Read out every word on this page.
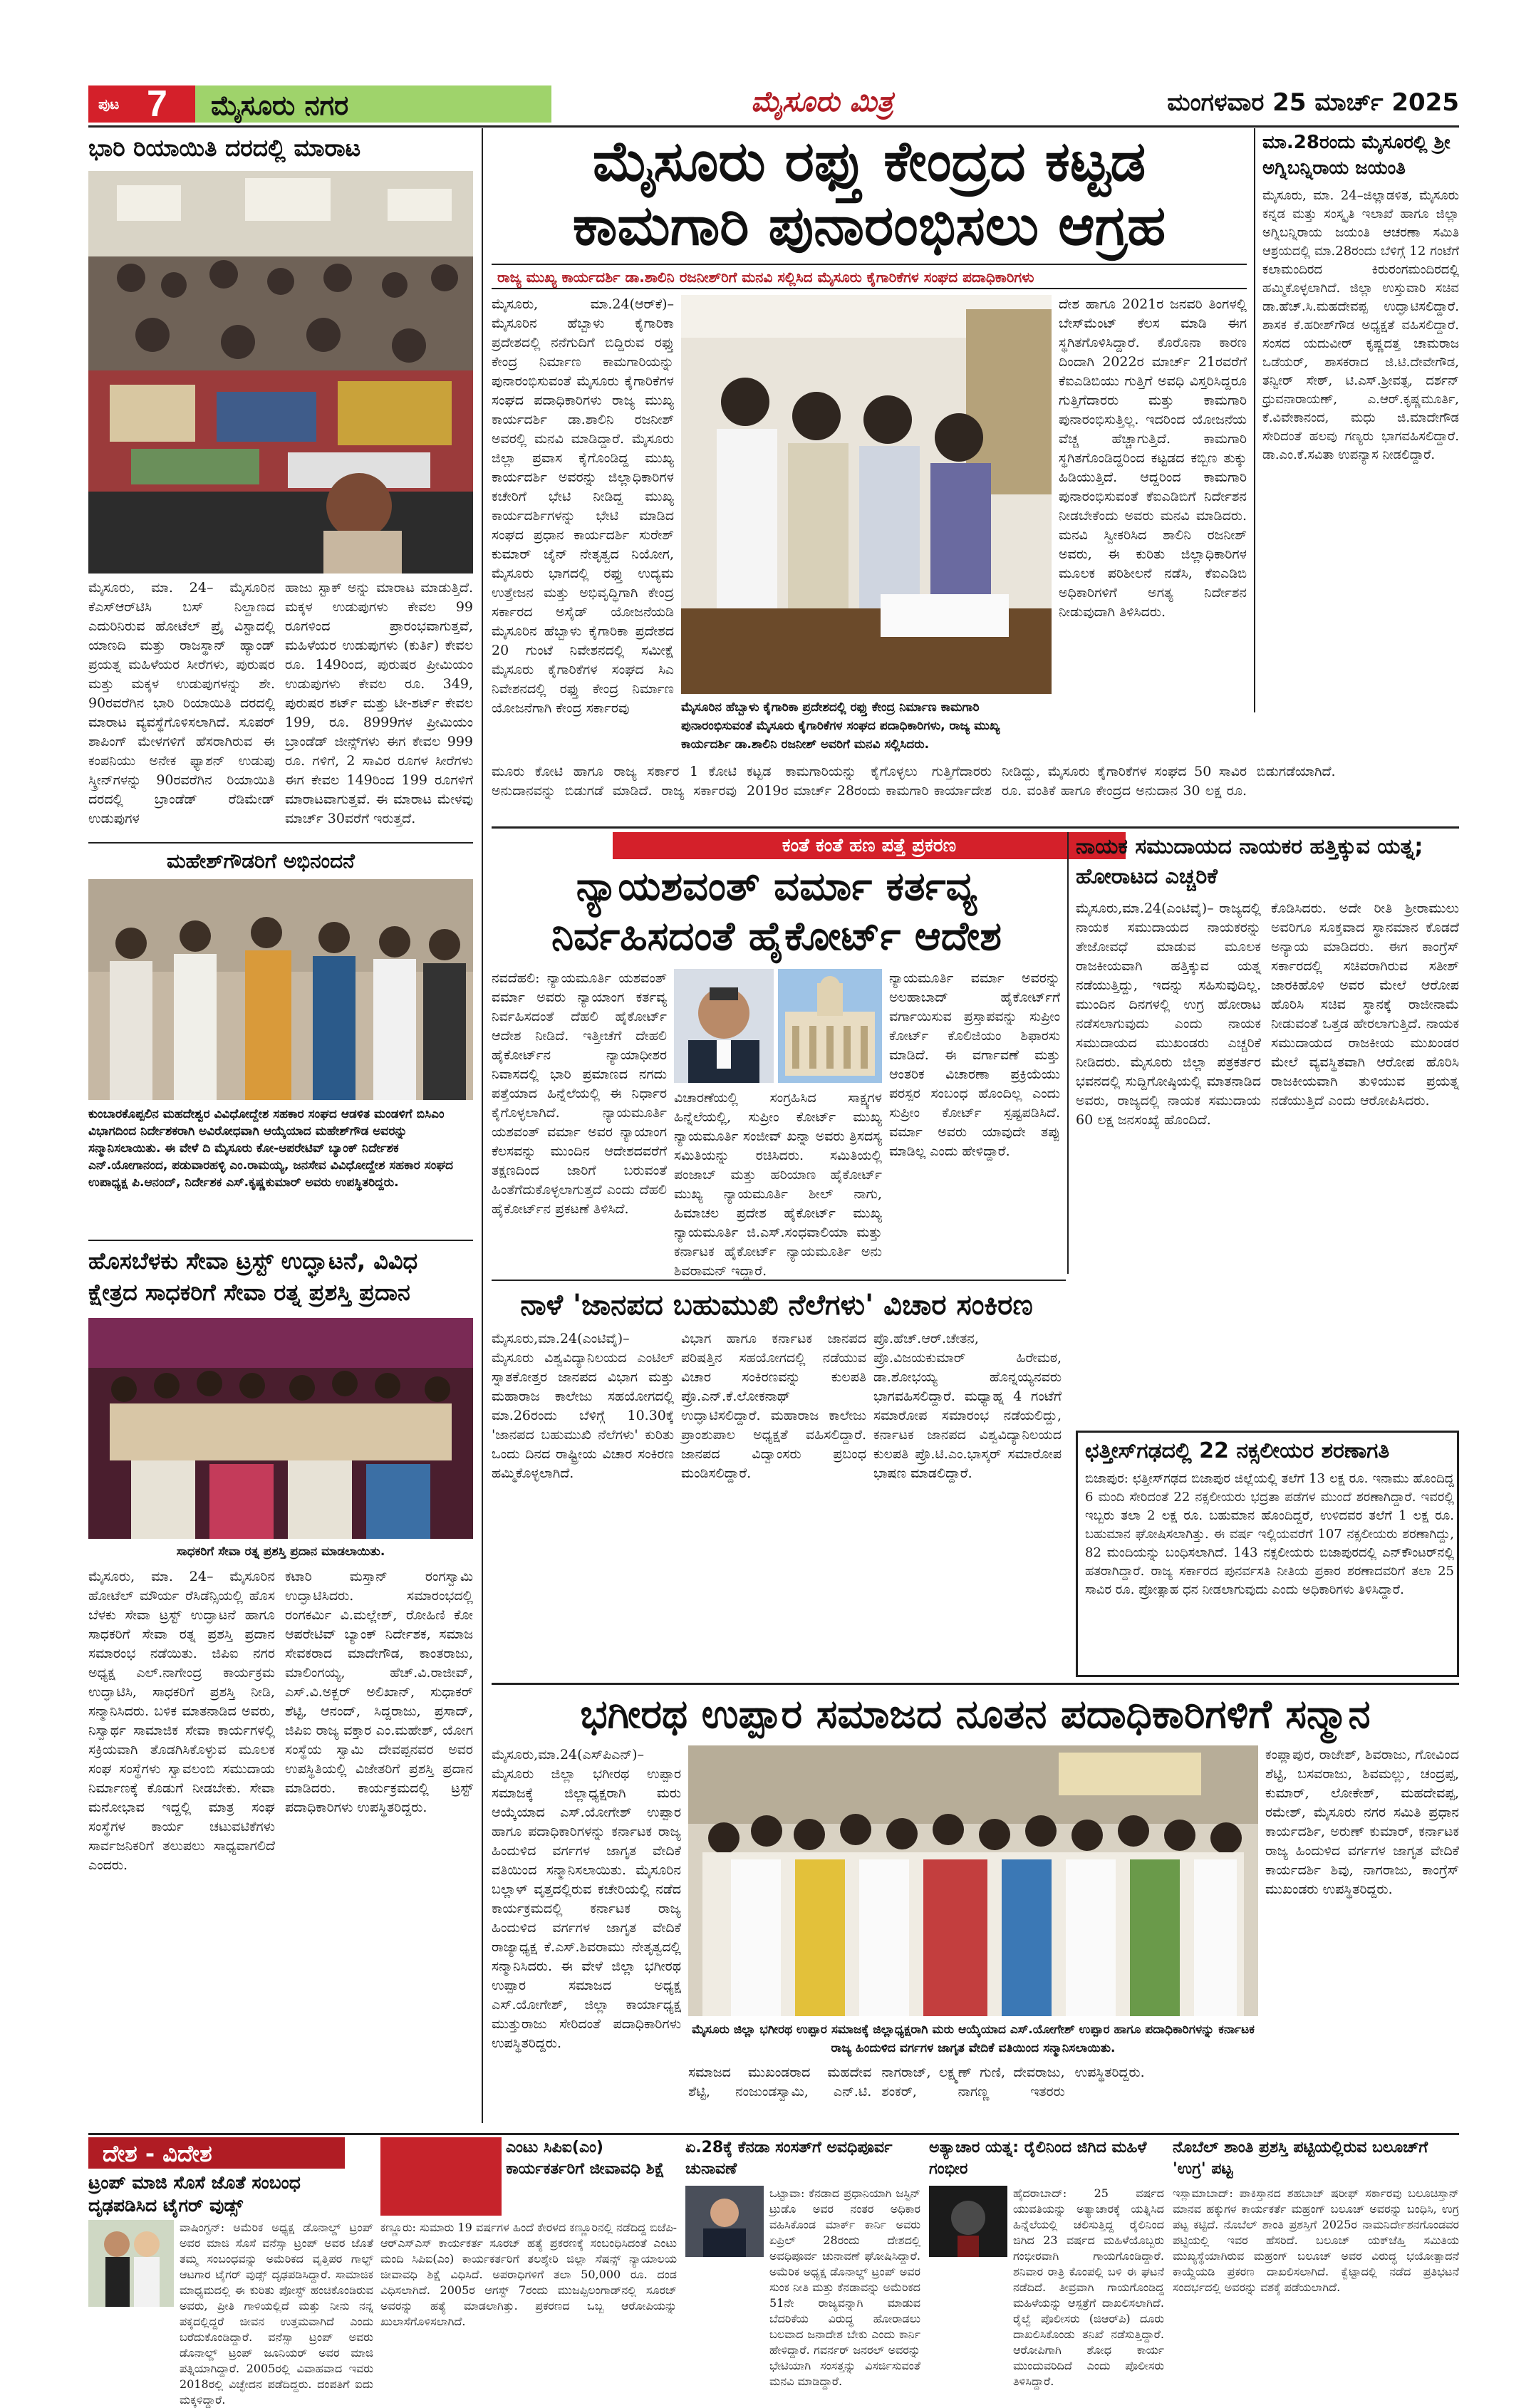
ಪುಟ 7 ಮೈಸೂರು ನಗರ	ಮೈಸೂರು ಮಿತ್ರ	ಮಂಗಳವಾರ 25 ಮಾರ್ಚ್ 2025
ಭಾರಿ ರಿಯಾಯಿತಿ ದರದಲ್ಲಿ ಮಾರಾಟ
ಮೈಸೂರು, ಮಾ. 24– ಮೈಸೂರಿನ ಕೆಎಸ್‌ಆರ್‌ಟಿಸಿ ಬಸ್ ನಿಲ್ದಾಣದ ಎದುರಿನಿರುವ ಹೋಟೆಲ್ ಪ್ರೈ ವಿಸ್ಟಾದಲ್ಲಿ ಯಾಣದಿ ಮತ್ತು ರಾಜಸ್ಥಾನ್ ಹ್ಯಾಂಡ್ ಪ್ರಯತ್ನ ಮಹಿಳೆಯರ ಸೀರೆಗಳು, ಪುರುಷರ ಮತ್ತು ಮಕ್ಕಳ ಉಡುಪುಗಳನ್ನು ಶೇ. 90ರವರೆಗಿನ ಭಾರಿ ರಿಯಾಯಿತಿ ದರದಲ್ಲಿ ಮಾರಾಟ ವ್ಯವಸ್ಥೆಗೊಳಿಸಲಾಗಿದೆ. ಸೂಪರ್ ಶಾಪಿಂಗ್ ಮೇಳಗಳಿಗೆ ಹೆಸರಾಗಿರುವ ಈ ಕಂಪನಿಯು ಅನೇಕ ಫ್ಯಾಶನ್ ಉಡುಪು ಸ್ಕ್ರೀನ್‌ಗಳನ್ನು 90ರವರೆಗಿನ ರಿಯಾಯಿತಿ ದರದಲ್ಲಿ ಬ್ರಾಂಡೆಡ್ ರೆಡಿಮೇಡ್ ಉಡುಪುಗಳ
ಹಾಜು ಸ್ಟಾಕ್ ಅನ್ನು ಮಾರಾಟ ಮಾಡುತ್ತಿದೆ. ಮಕ್ಕಳ ಉಡುಪುಗಳು ಕೇವಲ 99 ರೂಗಳಿಂದ ಪ್ರಾರಂಭವಾಗುತ್ತವೆ, ಮಹಿಳೆಯರ ಉಡುಪುಗಳು (ಕುರ್ತಿ) ಕೇವಲ ರೂ. 149ರಿಂದ, ಪುರುಷರ ಪ್ರೀಮಿಯಂ ಉಡುಪುಗಳು ಕೇವಲ ರೂ. 349, ಪುರುಷರ ಶರ್ಟ್ ಮತ್ತು ಟೀ-ಶರ್ಟ್ ಕೇವಲ 199, ರೂ. 8999ಗಳ ಪ್ರೀಮಿಯಂ ಬ್ರಾಂಡೆಡ್ ಜೀನ್ಸ್‌ಗಳು ಈಗ ಕೇವಲ 999 ರೂ. ಗಳಿಗೆ, 2 ಸಾವಿರ ರೂಗಳ ಸೀರೆಗಳು ಈಗ ಕೇವಲ 149ರಿಂದ 199 ರೂಗಳಿಗೆ ಮಾರಾಟವಾಗುತ್ತವೆ. ಈ ಮಾರಾಟ ಮೇಳವು ಮಾರ್ಚ್ 30ವರೆಗೆ ಇರುತ್ತದೆ.
ಮಹೇಶ್‌ಗೌಡರಿಗೆ ಅಭಿನಂದನೆ
ಕುಂಬಾರಕೊಪ್ಪಲಿನ ಮಹದೇಶ್ವರ ವಿವಿಧೋದ್ದೇಶ ಸಹಕಾರ ಸಂಘದ ಆಡಳಿತ ಮಂಡಳಿಗೆ ಬಿಸಿಎಂ ವಿಭಾಗದಿಂದ ನಿರ್ದೇಶಕರಾಗಿ ಅವಿರೋಧವಾಗಿ ಆಯ್ಕೆಯಾದ ಮಹೇಶ್‌ಗೌಡ ಅವರನ್ನು ಸನ್ಮಾನಿಸಲಾಯಿತು. ಈ ವೇಳೆ ದಿ ಮೈಸೂರು ಕೋ-ಆಪರೇಟಿವ್ ಬ್ಯಾಂಕ್ ನಿರ್ದೇಶಕ ಎನ್.ಯೋಗಾನಂದ, ಪಡುವಾರಹಳ್ಳಿ ಎಂ.ರಾಮಯ್ಯ, ಜನಸೇವ ವಿವಿಧೋದ್ದೇಶ ಸಹಕಾರ ಸಂಘದ ಉಪಾಧ್ಯಕ್ಷ ಪಿ.ಆನಂದ್, ನಿರ್ದೇಶಕ ಎಸ್.ಕೃಷ್ಣಕುಮಾರ್ ಅವರು ಉಪಸ್ಥಿತರಿದ್ದರು.
ಹೊಸಬೆಳಕು ಸೇವಾ ಟ್ರಸ್ಟ್ ಉದ್ಘಾಟನೆ, ವಿವಿಧ ಕ್ಷೇತ್ರದ ಸಾಧಕರಿಗೆ ಸೇವಾ ರತ್ನ ಪ್ರಶಸ್ತಿ ಪ್ರದಾನ
ಸಾಧಕರಿಗೆ ಸೇವಾ ರತ್ನ ಪ್ರಶಸ್ತಿ ಪ್ರದಾನ ಮಾಡಲಾಯಿತು.
ಮೈಸೂರು, ಮಾ. 24– ಮೈಸೂರಿನ ಹೋಟೆಲ್ ಮೌರ್ಯ ರೆಸಿಡೆನ್ಸಿಯಲ್ಲಿ ಹೊಸ ಬೆಳಕು ಸೇವಾ ಟ್ರಸ್ಟ್ ಉದ್ಘಾಟನೆ ಹಾಗೂ ಸಾಧಕರಿಗೆ ಸೇವಾ ರತ್ನ ಪ್ರಶಸ್ತಿ ಪ್ರದಾನ ಸಮಾರಂಭ ನಡೆಯಿತು. ಜಿಪಿಐ ನಗರ ಅಧ್ಯಕ್ಷ ಎಲ್.ನಾಗೇಂದ್ರ ಕಾರ್ಯಕ್ರಮ ಉದ್ಘಾಟಿಸಿ, ಸಾಧಕರಿಗೆ ಪ್ರಶಸ್ತಿ ನೀಡಿ, ಸನ್ಮಾನಿಸಿದರು. ಬಳಿಕ ಮಾತನಾಡಿದ ಅವರು, ನಿಸ್ವಾರ್ಥ ಸಾಮಾಜಿಕ ಸೇವಾ ಕಾರ್ಯಗಳಲ್ಲಿ ಸಕ್ರಿಯವಾಗಿ ತೊಡಗಿಸಿಕೊಳ್ಳುವ ಮೂಲಕ ಸಂಘ ಸಂಸ್ಥೆಗಳು ಸ್ವಾವಲಂಬಿ ಸಮುದಾಯ ನಿರ್ಮಾಣಕ್ಕೆ ಕೊಡುಗೆ ನೀಡಬೇಕು. ಸೇವಾ ಮನೋಭಾವ ಇದ್ದಲ್ಲಿ ಮಾತ್ರ ಸಂಘ ಸಂಸ್ಥೆಗಳ ಕಾರ್ಯ ಚಟುವಟಿಕೆಗಳು ಸಾರ್ವಜನಿಕರಿಗೆ ತಲುಪಲು ಸಾಧ್ಯವಾಗಲಿದೆ ಎಂದರು.
ಕಟಾರಿ ಮಸ್ತಾನ್ ರಂಗಸ್ವಾಮಿ ಉದ್ಘಾಟಿಸಿದರು. ಸಮಾರಂಭದಲ್ಲಿ ರಂಗಕರ್ಮಿ ವಿ.ಮಲ್ಲೇಶ್, ರೋಹಿಣಿ ಕೋ ಆಪರೇಟಿವ್ ಬ್ಯಾಂಕ್ ನಿರ್ದೇಶಕ, ಸಮಾಜ ಸೇವಕರಾದ ಮಾದೇಗೌಡ, ಕಾಂತರಾಜು, ಮಾಲಿಂಗಯ್ಯ, ಹೆಚ್.ವಿ.ರಾಜೀವ್, ಎಸ್.ವಿ.ಅಕ್ಬರ್ ಅಲಿಖಾನ್, ಸುಧಾಕರ್ ಶೆಟ್ಟಿ, ಆನಂದ್, ಸಿದ್ದರಾಜು, ಪ್ರಸಾದ್, ಜಿಪಿಐ ರಾಜ್ಯ ವಕ್ತಾರ ಎಂ.ಮಹೇಶ್, ಯೋಗ ಸಂಸ್ಥೆಯ ಸ್ವಾಮಿ ದೇವಪ್ಪನವರ ಅವರ ಉಪಸ್ಥಿತಿಯಲ್ಲಿ ವಿಜೇತರಿಗೆ ಪ್ರಶಸ್ತಿ ಪ್ರದಾನ ಮಾಡಿದರು. ಕಾರ್ಯಕ್ರಮದಲ್ಲಿ ಟ್ರಸ್ಟ್ ಪದಾಧಿಕಾರಿಗಳು ಉಪಸ್ಥಿತರಿದ್ದರು.
ಮೈಸೂರು ರಫ್ತು ಕೇಂದ್ರದ ಕಟ್ಟಡ
ಕಾಮಗಾರಿ ಪುನಾರಂಭಿಸಲು ಆಗ್ರಹ
ರಾಜ್ಯ ಮುಖ್ಯ ಕಾರ್ಯದರ್ಶಿ ಡಾ.ಶಾಲಿನಿ ರಜನೀಶ್‌ರಿಗೆ ಮನವಿ ಸಲ್ಲಿಸಿದ ಮೈಸೂರು ಕೈಗಾರಿಕೆಗಳ ಸಂಘದ ಪದಾಧಿಕಾರಿಗಳು
ಮೈಸೂರು, ಮಾ.24(ಆರ್‌ಕೆ)– ಮೈಸೂರಿನ ಹೆಬ್ಬಾಳು ಕೈಗಾರಿಕಾ ಪ್ರದೇಶದಲ್ಲಿ ನನೆಗುದಿಗೆ ಬಿದ್ದಿರುವ ರಫ್ತು ಕೇಂದ್ರ ನಿರ್ಮಾಣ ಕಾಮಗಾರಿಯನ್ನು ಪುನಾರಂಭಿಸುವಂತೆ ಮೈಸೂರು ಕೈಗಾರಿಕೆಗಳ ಸಂಘದ ಪದಾಧಿಕಾರಿಗಳು ರಾಜ್ಯ ಮುಖ್ಯ ಕಾರ್ಯದರ್ಶಿ ಡಾ.ಶಾಲಿನಿ ರಜನೀಶ್ ಅವರಲ್ಲಿ ಮನವಿ ಮಾಡಿದ್ದಾರೆ. ಮೈಸೂರು ಜಿಲ್ಲಾ ಪ್ರವಾಸ ಕೈಗೊಂಡಿದ್ದ ಮುಖ್ಯ ಕಾರ್ಯದರ್ಶಿ ಅವರನ್ನು ಜಿಲ್ಲಾಧಿಕಾರಿಗಳ ಕಚೇರಿಗೆ ಭೇಟಿ ನೀಡಿದ್ದ ಮುಖ್ಯ ಕಾರ್ಯದರ್ಶಿಗಳನ್ನು ಭೇಟಿ ಮಾಡಿದ ಸಂಘದ ಪ್ರಧಾನ ಕಾರ್ಯದರ್ಶಿ ಸುರೇಶ್ ಕುಮಾರ್ ಜೈನ್ ನೇತೃತ್ವದ ನಿಯೋಗ, ಮೈಸೂರು ಭಾಗದಲ್ಲಿ ರಫ್ತು ಉದ್ಯಮ ಉತ್ತೇಜನ ಮತ್ತು ಅಭಿವೃದ್ಧಿಗಾಗಿ ಕೇಂದ್ರ ಸರ್ಕಾರದ ಅಸೈಡ್ ಯೋಜನೆಯಡಿ ಮೈಸೂರಿನ ಹೆಬ್ಬಾಳು ಕೈಗಾರಿಕಾ ಪ್ರದೇಶದ 20 ಗುಂಟೆ ನಿವೇಶನದಲ್ಲಿ ಸಮೀಕ್ಷೆ ಮೈಸೂರು ಕೈಗಾರಿಕೆಗಳ ಸಂಘದ ಸಿಎ ನಿವೇಶನದಲ್ಲಿ ರಫ್ತು ಕೇಂದ್ರ ನಿರ್ಮಾಣ ಯೋಜನೆಗಾಗಿ ಕೇಂದ್ರ ಸರ್ಕಾರವು	ಮೈಸೂರಿನ ಹೆಬ್ಬಾಳು ಕೈಗಾರಿಕಾ ಪ್ರದೇಶದಲ್ಲಿ ರಫ್ತು ಕೇಂದ್ರ ನಿರ್ಮಾಣ ಕಾಮಗಾರಿ ಪುನಾರಂಭಿಸುವಂತೆ ಮೈಸೂರು ಕೈಗಾರಿಕೆಗಳ ಸಂಘದ ಪದಾಧಿಕಾರಿಗಳು, ರಾಜ್ಯ ಮುಖ್ಯ ಕಾರ್ಯದರ್ಶಿ ಡಾ.ಶಾಲಿನಿ ರಜನೀಶ್ ಅವರಿಗೆ ಮನವಿ ಸಲ್ಲಿಸಿದರು.
ದೇಶ ಹಾಗೂ 2021ರ ಜನವರಿ ತಿಂಗಳಲ್ಲಿ ಬೇಸ್‌ಮೆಂಟ್ ಕೆಲಸ ಮಾಡಿ ಈಗ ಸ್ಥಗಿತಗೊಳಿಸಿದ್ದಾರೆ. ಕೊರೊನಾ ಕಾರಣ ದಿಂದಾಗಿ 2022ರ ಮಾರ್ಚ್ 21ರವರೆಗೆ ಕೆಐಎಡಿಬಿಯು ಗುತ್ತಿಗೆ ಅವಧಿ ವಿಸ್ತರಿಸಿದ್ದರೂ ಗುತ್ತಿಗೆದಾರರು ಮತ್ತು ಕಾಮಗಾರಿ ಪುನಾರಂಭಿಸುತ್ತಿಲ್ಲ. ಇದರಿಂದ ಯೋಜನೆಯ ವೆಚ್ಚ ಹೆಚ್ಚಾಗುತ್ತಿದೆ. ಕಾಮಗಾರಿ ಸ್ಥಗಿತಗೊಂಡಿದ್ದರಿಂದ ಕಟ್ಟಡದ ಕಬ್ಬಿಣ ತುಕ್ಕು ಹಿಡಿಯುತ್ತಿದೆ. ಆದ್ದರಿಂದ ಕಾಮಗಾರಿ ಪುನಾರಂಭಿಸುವಂತೆ ಕೆಐಎಡಿಬಿಗೆ ನಿರ್ದೇಶನ ನೀಡಬೇಕೆಂದು ಅವರು ಮನವಿ ಮಾಡಿದರು. ಮನವಿ ಸ್ವೀಕರಿಸಿದ ಶಾಲಿನಿ ರಜನೀಶ್ ಅವರು, ಈ ಕುರಿತು ಜಿಲ್ಲಾಧಿಕಾರಿಗಳ ಮೂಲಕ ಪರಿಶೀಲನೆ ನಡೆಸಿ, ಕೆಐಎಡಿಬಿ ಅಧಿಕಾರಿಗಳಿಗೆ ಅಗತ್ಯ ನಿರ್ದೇಶನ ನೀಡುವುದಾಗಿ ತಿಳಿಸಿದರು.
ಮೂರು ಕೋಟಿ ಹಾಗೂ ರಾಜ್ಯ ಸರ್ಕಾರ 1 ಕೋಟಿ ಅನುದಾನವನ್ನು ಬಿಡುಗಡೆ ಮಾಡಿದೆ. ರಾಜ್ಯ ಸರ್ಕಾರವು ಕಟ್ಟಡ ಕಾಮಗಾರಿಯನ್ನು ಕೈಗೊಳ್ಳಲು ಗುತ್ತಿಗೆದಾರರು 2019ರ ಮಾರ್ಚ್ 28ರಂದು ಕಾಮಗಾರಿ ಕಾರ್ಯಾದೇಶ ನೀಡಿದ್ದು, ಮೈಸೂರು ಕೈಗಾರಿಕೆಗಳ ಸಂಘದ 50 ಸಾವಿರ ರೂ. ವಂತಿಕೆ ಹಾಗೂ ಕೇಂದ್ರದ ಅನುದಾನ 30 ಲಕ್ಷ ರೂ. ಬಿಡುಗಡೆಯಾಗಿದೆ.
ಮಾ.28ರಂದು ಮೈಸೂರಲ್ಲಿ ಶ್ರೀ ಅಗ್ನಿಬನ್ನಿರಾಯ ಜಯಂತಿ
ಮೈಸೂರು, ಮಾ. 24–ಜಿಲ್ಲಾಡಳಿತ, ಮೈಸೂರು ಕನ್ನಡ ಮತ್ತು ಸಂಸ್ಕೃತಿ ಇಲಾಖೆ ಹಾಗೂ ಜಿಲ್ಲಾ ಅಗ್ನಿಬನ್ನಿರಾಯ ಜಯಂತಿ ಆಚರಣಾ ಸಮಿತಿ ಆಶ್ರಯದಲ್ಲಿ ಮಾ.28ರಂದು ಬೆಳಿಗ್ಗೆ 12 ಗಂಟೆಗೆ ಕಲಾಮಂದಿರದ ಕಿರುರಂಗಮಂದಿರದಲ್ಲಿ ಹಮ್ಮಿಕೊಳ್ಳಲಾಗಿದೆ. ಜಿಲ್ಲಾ ಉಸ್ತುವಾರಿ ಸಚಿವ ಡಾ.ಹೆಚ್.ಸಿ.ಮಹದೇವಪ್ಪ ಉದ್ಘಾಟಿಸಲಿದ್ದಾರೆ. ಶಾಸಕ ಕೆ.ಹರೀಶ್‌ಗೌಡ ಅಧ್ಯಕ್ಷತೆ ವಹಿಸಲಿದ್ದಾರೆ. ಸಂಸದ ಯದುವೀರ್ ಕೃಷ್ಣದತ್ತ ಚಾಮರಾಜ ಒಡೆಯರ್, ಶಾಸಕರಾದ ಜಿ.ಟಿ.ದೇವೇಗೌಡ, ತನ್ವೀರ್ ಸೇಠ್, ಟಿ.ಎಸ್.ಶ್ರೀವತ್ಸ, ದರ್ಶನ್ ಧ್ರುವನಾರಾಯಣ್, ಎ.ಆರ್.ಕೃಷ್ಣಮೂರ್ತಿ, ಕೆ.ವಿವೇಕಾನಂದ, ಮಧು ಜಿ.ಮಾದೇಗೌಡ ಸೇರಿದಂತೆ ಹಲವು ಗಣ್ಯರು ಭಾಗವಹಿಸಲಿದ್ದಾರೆ. ಡಾ.ಎಂ.ಕೆ.ಸವಿತಾ ಉಪನ್ಯಾಸ ನೀಡಲಿದ್ದಾರೆ.
ಕಂತೆ ಕಂತೆ ಹಣ ಪತ್ತೆ ಪ್ರಕರಣ
ನ್ಯಾಯಶವಂತ್ ವರ್ಮಾ ಕರ್ತವ್ಯ
ನಿರ್ವಹಿಸದಂತೆ ಹೈಕೋರ್ಟ್ ಆದೇಶ
ನವದೆಹಲಿ: ನ್ಯಾಯಮೂರ್ತಿ ಯಶವಂತ್ ವರ್ಮಾ ಅವರು ನ್ಯಾಯಾಂಗ ಕರ್ತವ್ಯ ನಿರ್ವಹಿಸದಂತೆ ದೆಹಲಿ ಹೈಕೋರ್ಟ್ ಆದೇಶ ನೀಡಿದೆ. ಇತ್ತೀಚೆಗೆ ದೇಹಲಿ ಹೈಕೋರ್ಟ್‌ನ ನ್ಯಾಯಾಧೀಶರ ನಿವಾಸದಲ್ಲಿ ಭಾರಿ ಪ್ರಮಾಣದ ನಗದು ಪತ್ತೆಯಾದ ಹಿನ್ನೆಲೆಯಲ್ಲಿ ಈ ನಿರ್ಧಾರ ಕೈಗೊಳ್ಳಲಾಗಿದೆ. ನ್ಯಾಯಮೂರ್ತಿ ಯಶವಂತ್ ವರ್ಮಾ ಅವರ ನ್ಯಾಯಾಂಗ ಕೆಲಸವನ್ನು ಮುಂದಿನ ಆದೇಶದವರೆಗೆ ತಕ್ಷಣದಿಂದ ಜಾರಿಗೆ ಬರುವಂತೆ ಹಿಂತೆಗೆದುಕೊಳ್ಳಲಾಗುತ್ತದೆ ಎಂದು ದೆಹಲಿ ಹೈಕೋರ್ಟ್‌ನ ಪ್ರಕಟಣೆ ತಿಳಿಸಿದೆ.
ವಿಚಾರಣೆಯಲ್ಲಿ ಸಂಗ್ರಹಿಸಿದ ಸಾಕ್ಷ್ಯಗಳ ಹಿನ್ನೆಲೆಯಲ್ಲಿ, ಸುಪ್ರೀಂ ಕೋರ್ಟ್ ಮುಖ್ಯ ನ್ಯಾಯಮೂರ್ತಿ ಸಂಜೀವ್ ಖನ್ನಾ ಅವರು ತ್ರಿಸದಸ್ಯ ಸಮಿತಿಯನ್ನು ರಚಿಸಿದರು. ಸಮಿತಿಯಲ್ಲಿ ಪಂಜಾಬ್ ಮತ್ತು ಹರಿಯಾಣ ಹೈಕೋರ್ಟ್ ಮುಖ್ಯ ನ್ಯಾಯಮೂರ್ತಿ ಶೀಲ್ ನಾಗು, ಹಿಮಾಚಲ ಪ್ರದೇಶ ಹೈಕೋರ್ಟ್ ಮುಖ್ಯ ನ್ಯಾಯಮೂರ್ತಿ ಜಿ.ಎಸ್.ಸಂಧವಾಲಿಯಾ ಮತ್ತು ಕರ್ನಾಟಕ ಹೈಕೋರ್ಟ್ ನ್ಯಾಯಮೂರ್ತಿ ಅನು ಶಿವರಾಮನ್ ಇದ್ದಾರೆ.
ನ್ಯಾಯಮೂರ್ತಿ ವರ್ಮಾ ಅವರನ್ನು ಅಲಹಾಬಾದ್ ಹೈಕೋರ್ಟ್‌ಗೆ ವರ್ಗಾಯಿಸುವ ಪ್ರಸ್ತಾಪವನ್ನು ಸುಪ್ರೀಂ ಕೋರ್ಟ್ ಕೊಲಿಜಿಯಂ ಶಿಫಾರಸು ಮಾಡಿದೆ. ಈ ವರ್ಗಾವಣೆ ಮತ್ತು ಆಂತರಿಕ ವಿಚಾರಣಾ ಪ್ರಕ್ರಿಯೆಯು ಪರಸ್ಪರ ಸಂಬಂಧ ಹೊಂದಿಲ್ಲ ಎಂದು ಸುಪ್ರೀಂ ಕೋರ್ಟ್ ಸ್ಪಷ್ಟಪಡಿಸಿದೆ. ವರ್ಮಾ ಅವರು ಯಾವುದೇ ತಪ್ಪು ಮಾಡಿಲ್ಲ ಎಂದು ಹೇಳಿದ್ದಾರೆ.
ನಾಯಕ ಸಮುದಾಯದ ನಾಯಕರ ಹತ್ತಿಕ್ಕುವ ಯತ್ನ; ಹೋರಾಟದ ಎಚ್ಚರಿಕೆ
ಮೈಸೂರು,ಮಾ.24(ಎಂಟಿವೈ)– ರಾಜ್ಯದಲ್ಲಿ ನಾಯಕ ಸಮುದಾಯದ ನಾಯಕರನ್ನು ತೇಜೋವಧೆ ಮಾಡುವ ಮೂಲಕ ರಾಜಕೀಯವಾಗಿ ಹತ್ತಿಕ್ಕುವ ಯತ್ನ ನಡೆಯುತ್ತಿದ್ದು, ಇದನ್ನು ಸಹಿಸುವುದಿಲ್ಲ. ಮುಂದಿನ ದಿನಗಳಲ್ಲಿ ಉಗ್ರ ಹೋರಾಟ ನಡೆಸಲಾಗುವುದು ಎಂದು ನಾಯಕ ಸಮುದಾಯದ ಮುಖಂಡರು ಎಚ್ಚರಿಕೆ ನೀಡಿದರು. ಮೈಸೂರು ಜಿಲ್ಲಾ ಪತ್ರಕರ್ತರ ಭವನದಲ್ಲಿ ಸುದ್ದಿಗೋಷ್ಠಿಯಲ್ಲಿ ಮಾತನಾಡಿದ ಅವರು, ರಾಜ್ಯದಲ್ಲಿ ನಾಯಕ ಸಮುದಾಯ 60 ಲಕ್ಷ ಜನಸಂಖ್ಯೆ ಹೊಂದಿದೆ.
ಕೊಡಿಸಿದರು. ಅದೇ ರೀತಿ ಶ್ರೀರಾಮುಲು ಅವರಿಗೂ ಸೂಕ್ತವಾದ ಸ್ಥಾನಮಾನ ಕೊಡದೆ ಅನ್ಯಾಯ ಮಾಡಿದರು. ಈಗ ಕಾಂಗ್ರೆಸ್ ಸರ್ಕಾರದಲ್ಲಿ ಸಚಿವರಾಗಿರುವ ಸತೀಶ್ ಜಾರಕಿಹೊಳಿ ಅವರ ಮೇಲೆ ಆರೋಪ ಹೊರಿಸಿ ಸಚಿವ ಸ್ಥಾನಕ್ಕೆ ರಾಜೀನಾಮೆ ನೀಡುವಂತೆ ಒತ್ತಡ ಹೇರಲಾಗುತ್ತಿದೆ. ನಾಯಕ ಸಮುದಾಯದ ರಾಜಕೀಯ ಮುಖಂಡರ ಮೇಲೆ ವ್ಯವಸ್ಥಿತವಾಗಿ ಆರೋಪ ಹೊರಿಸಿ ರಾಜಕೀಯವಾಗಿ ತುಳಿಯುವ ಪ್ರಯತ್ನ ನಡೆಯುತ್ತಿದೆ ಎಂದು ಆರೋಪಿಸಿದರು.
ನಾಳೆ 'ಜಾನಪದ ಬಹುಮುಖಿ ನೆಲೆಗಳು' ವಿಚಾರ ಸಂಕಿರಣ
ಮೈಸೂರು,ಮಾ.24(ಎಂಟಿವೈ)– ಮೈಸೂರು ವಿಶ್ವವಿದ್ಯಾನಿಲಯದ ಎಂಟಿಲ್ ಸ್ನಾತಕೋತ್ತರ ಜಾನಪದ ವಿಭಾಗ ಮತ್ತು ಮಹಾರಾಜ ಕಾಲೇಜು ಸಹಯೋಗದಲ್ಲಿ ಮಾ.26ರಂದು ಬೆಳಿಗ್ಗೆ 10.30ಕ್ಕೆ 'ಜಾನಪದ ಬಹುಮುಖಿ ನೆಲೆಗಳು' ಕುರಿತು ಒಂದು ದಿನದ ರಾಷ್ಟ್ರೀಯ ವಿಚಾರ ಸಂಕಿರಣ ಹಮ್ಮಿಕೊಳ್ಳಲಾಗಿದೆ.
ವಿಭಾಗ ಹಾಗೂ ಕರ್ನಾಟಕ ಜಾನಪದ ಪರಿಷತ್ತಿನ ಸಹಯೋಗದಲ್ಲಿ ನಡೆಯುವ ವಿಚಾರ ಸಂಕಿರಣವನ್ನು ಕುಲಪತಿ ಪ್ರೊ.ಎನ್.ಕೆ.ಲೋಕನಾಥ್ ಉದ್ಘಾಟಿಸಲಿದ್ದಾರೆ. ಮಹಾರಾಜ ಕಾಲೇಜು ಪ್ರಾಂಶುಪಾಲ ಅಧ್ಯಕ್ಷತೆ ವಹಿಸಲಿದ್ದಾರೆ. ಜಾನಪದ ವಿದ್ವಾಂಸರು ಪ್ರಬಂಧ ಮಂಡಿಸಲಿದ್ದಾರೆ.
ಪ್ರೊ.ಹೆಚ್.ಆರ್.ಚೇತನ, ಪ್ರೊ.ವಿಜಯಕುಮಾರ್ ಹಿರೇಮಠ, ಡಾ.ಶೋಭಯ್ಯ ಹೊನ್ನಯ್ಯನವರು ಭಾಗವಹಿಸಲಿದ್ದಾರೆ. ಮಧ್ಯಾಹ್ನ 4 ಗಂಟೆಗೆ ಸಮಾರೋಪ ಸಮಾರಂಭ ನಡೆಯಲಿದ್ದು, ಕರ್ನಾಟಕ ಜಾನಪದ ವಿಶ್ವವಿದ್ಯಾನಿಲಯದ ಕುಲಪತಿ ಪ್ರೊ.ಟಿ.ಎಂ.ಭಾಸ್ಕರ್ ಸಮಾರೋಪ ಭಾಷಣ ಮಾಡಲಿದ್ದಾರೆ.
ಛತ್ತೀಸ್‌ಗಢದಲ್ಲಿ 22 ನಕ್ಸಲೀಯರ ಶರಣಾಗತಿ
ಬಿಜಾಪುರ: ಛತ್ತೀಸ್‌ಗಢದ ಬಿಜಾಪುರ ಜಿಲ್ಲೆಯಲ್ಲಿ ತಲೆಗೆ 13 ಲಕ್ಷ ರೂ. ಇನಾಮು ಹೊಂದಿದ್ದ 6 ಮಂದಿ ಸೇರಿದಂತೆ 22 ನಕ್ಸಲೀಯರು ಭದ್ರತಾ ಪಡೆಗಳ ಮುಂದೆ ಶರಣಾಗಿದ್ದಾರೆ. ಇವರಲ್ಲಿ ಇಬ್ಬರು ತಲಾ 2 ಲಕ್ಷ ರೂ. ಬಹುಮಾನ ಹೊಂದಿದ್ದರೆ, ಉಳಿದವರ ತಲೆಗೆ 1 ಲಕ್ಷ ರೂ. ಬಹುಮಾನ ಘೋಷಿಸಲಾಗಿತ್ತು. ಈ ವರ್ಷ ಇಲ್ಲಿಯವರೆಗೆ 107 ನಕ್ಸಲೀಯರು ಶರಣಾಗಿದ್ದು, 82 ಮಂದಿಯನ್ನು ಬಂಧಿಸಲಾಗಿದೆ. 143 ನಕ್ಸಲೀಯರು ಬಿಜಾಪುರದಲ್ಲಿ ಎನ್‌ಕೌಂಟರ್‌ನಲ್ಲಿ ಹತರಾಗಿದ್ದಾರೆ. ರಾಜ್ಯ ಸರ್ಕಾರದ ಪುನರ್ವಸತಿ ನೀತಿಯ ಪ್ರಕಾರ ಶರಣಾದವರಿಗೆ ತಲಾ 25 ಸಾವಿರ ರೂ. ಪ್ರೋತ್ಸಾಹ ಧನ ನೀಡಲಾಗುವುದು ಎಂದು ಅಧಿಕಾರಿಗಳು ತಿಳಿಸಿದ್ದಾರೆ.
ಭಗೀರಥ ಉಪ್ಪಾರ ಸಮಾಜದ ನೂತನ ಪದಾಧಿಕಾರಿಗಳಿಗೆ ಸನ್ಮಾನ
ಮೈಸೂರು,ಮಾ.24(ಎಸ್‌ಪಿಎನ್)– ಮೈಸೂರು ಜಿಲ್ಲಾ ಭಗೀರಥ ಉಪ್ಪಾರ ಸಮಾಜಕ್ಕೆ ಜಿಲ್ಲಾಧ್ಯಕ್ಷರಾಗಿ ಮರು ಆಯ್ಕೆಯಾದ ಎಸ್.ಯೋಗೇಶ್ ಉಪ್ಪಾರ ಹಾಗೂ ಪದಾಧಿಕಾರಿಗಳನ್ನು ಕರ್ನಾಟಕ ರಾಜ್ಯ ಹಿಂದುಳಿದ ವರ್ಗಗಳ ಜಾಗೃತ ವೇದಿಕೆ ವತಿಯಿಂದ ಸನ್ಮಾನಿಸಲಾಯಿತು. ಮೈಸೂರಿನ ಬಲ್ಲಾಳ್ ವೃತ್ತದಲ್ಲಿರುವ ಕಚೇರಿಯಲ್ಲಿ ನಡೆದ ಕಾರ್ಯಕ್ರಮದಲ್ಲಿ ಕರ್ನಾಟಕ ರಾಜ್ಯ ಹಿಂದುಳಿದ ವರ್ಗಗಳ ಜಾಗೃತ ವೇದಿಕೆ ರಾಜ್ಯಾಧ್ಯಕ್ಷ ಕೆ.ಎಸ್.ಶಿವರಾಮು ನೇತೃತ್ವದಲ್ಲಿ ಸನ್ಮಾನಿಸಿದರು. ಈ ವೇಳೆ ಜಿಲ್ಲಾ ಭಗೀರಥ ಉಪ್ಪಾರ ಸಮಾಜದ ಅಧ್ಯಕ್ಷ ಎಸ್.ಯೋಗೇಶ್, ಜಿಲ್ಲಾ ಕಾರ್ಯಾಧ್ಯಕ್ಷ ಮುತ್ತುರಾಜು ಸೇರಿದಂತೆ ಪದಾಧಿಕಾರಿಗಳು ಉಪಸ್ಥಿತರಿದ್ದರು.
ಮೈಸೂರು ಜಿಲ್ಲಾ ಭಗೀರಥ ಉಪ್ಪಾರ ಸಮಾಜಕ್ಕೆ ಜಿಲ್ಲಾಧ್ಯಕ್ಷರಾಗಿ ಮರು ಆಯ್ಕೆಯಾದ ಎಸ್.ಯೋಗೇಶ್ ಉಪ್ಪಾರ ಹಾಗೂ ಪದಾಧಿಕಾರಿಗಳನ್ನು ಕರ್ನಾಟಕ ರಾಜ್ಯ ಹಿಂದುಳಿದ ವರ್ಗಗಳ ಜಾಗೃತ ವೇದಿಕೆ ವತಿಯಿಂದ ಸನ್ಮಾನಿಸಲಾಯಿತು.
ಸಮಾಜದ ಮುಖಂಡರಾದ ಮಹದೇವ ಶೆಟ್ಟಿ, ನಂಜುಂಡಸ್ವಾಮಿ, ಎನ್.ಟಿ. ನಾಗರಾಜ್, ಲಕ್ಷ್ಮಣ್ ಗುಣಿ, ದೇವರಾಜು, ಶಂಕರ್, ನಾಗಣ್ಣ ಇತರರು ಉಪಸ್ಥಿತರಿದ್ದರು.
ಕಂಪ್ಲಾಪುರ, ರಾಜೇಶ್, ಶಿವರಾಜು, ಗೋವಿಂದ ಶೆಟ್ಟಿ, ಬಸವರಾಜು, ಶಿವಮಲ್ಲು, ಚಂದ್ರಪ್ಪ, ಕುಮಾರ್, ಲೋಕೇಶ್, ಮಹದೇವಪ್ಪ, ರಮೇಶ್, ಮೈಸೂರು ನಗರ ಸಮಿತಿ ಪ್ರಧಾನ ಕಾರ್ಯದರ್ಶಿ, ಅರುಣ್ ಕುಮಾರ್, ಕರ್ನಾಟಕ ರಾಜ್ಯ ಹಿಂದುಳಿದ ವರ್ಗಗಳ ಜಾಗೃತ ವೇದಿಕೆ ಕಾರ್ಯದರ್ಶಿ ಶಿವು, ನಾಗರಾಜು, ಕಾಂಗ್ರೆಸ್ ಮುಖಂಡರು ಉಪಸ್ಥಿತರಿದ್ದರು.
ದೇಶ - ವಿದೇಶ
ಟ್ರಂಪ್ ಮಾಜಿ ಸೊಸೆ ಜೊತೆ ಸಂಬಂಧ ದೃಢಪಡಿಸಿದ ಟೈಗರ್ ವುಡ್ಸ್
ವಾಷಿಂಗ್ಟನ್: ಅಮೆರಿಕ ಅಧ್ಯಕ್ಷ ಡೊನಾಲ್ಡ್ ಟ್ರಂಪ್ ಅವರ ಮಾಜಿ ಸೊಸೆ ವನೆಸ್ಸಾ ಟ್ರಂಪ್ ಅವರ ಜೊತೆ ತಮ್ಮ ಸಂಬಂಧವನ್ನು ಅಮೆರಿಕದ ವೃತ್ತಿಪರ ಗಾಲ್ಫ್ ಆಟಗಾರ ಟೈಗರ್ ವುಡ್ಸ್ ದೃಢಪಡಿಸಿದ್ದಾರೆ. ಸಾಮಾಜಿಕ ಮಾಧ್ಯಮದಲ್ಲಿ ಈ ಕುರಿತು ಪೋಸ್ಟ್ ಹಂಚಿಕೊಂಡಿರುವ ಅವರು, ಪ್ರೀತಿ ಗಾಳಿಯಲ್ಲಿದೆ ಮತ್ತು ನೀನು ನನ್ನ ಪಕ್ಕದಲ್ಲಿದ್ದರೆ ಜೀವನ ಉತ್ತಮವಾಗಿದೆ ಎಂದು ಬರೆದುಕೊಂಡಿದ್ದಾರೆ. ವನೆಸ್ಸಾ ಟ್ರಂಪ್ ಅವರು ಡೊನಾಲ್ಡ್ ಟ್ರಂಪ್ ಜೂನಿಯರ್ ಅವರ ಮಾಜಿ ಪತ್ನಿಯಾಗಿದ್ದಾರೆ. 2005ರಲ್ಲಿ ವಿವಾಹವಾದ ಇವರು 2018ರಲ್ಲಿ ವಿಚ್ಛೇದನ ಪಡೆದಿದ್ದರು. ದಂಪತಿಗೆ ಐದು ಮಕ್ಕಳಿದ್ದಾರೆ.
ಎಂಟು ಸಿಪಿಐ(ಎಂ) ಕಾರ್ಯಕರ್ತರಿಗೆ ಜೀವಾವಧಿ ಶಿಕ್ಷೆ
ಕಣ್ಣೂರು: ಸುಮಾರು 19 ವರ್ಷಗಳ ಹಿಂದೆ ಕೇರಳದ ಕಣ್ಣೂರಿನಲ್ಲಿ ನಡೆದಿದ್ದ ಬಿಜೆಪಿ-ಆರ್‌ಎಸ್‌ಎಸ್ ಕಾರ್ಯಕರ್ತ ಸೂರಜ್ ಹತ್ಯೆ ಪ್ರಕರಣಕ್ಕೆ ಸಂಬಂಧಿಸಿದಂತೆ ಎಂಟು ಮಂದಿ ಸಿಪಿಐ(ಎಂ) ಕಾರ್ಯಕರ್ತರಿಗೆ ತಲಶ್ಶೇರಿ ಜಿಲ್ಲಾ ಸೆಷನ್ಸ್ ನ್ಯಾಯಾಲಯ ಜೀವಾವಧಿ ಶಿಕ್ಷೆ ವಿಧಿಸಿದೆ. ಅಪರಾಧಿಗಳಿಗೆ ತಲಾ 50,000 ರೂ. ದಂಡ ವಿಧಿಸಲಾಗಿದೆ. 2005ರ ಆಗಸ್ಟ್ 7ರಂದು ಮುಜಪ್ಪಿಲಂಗಾಡ್‌ನಲ್ಲಿ ಸೂರಜ್ ಅವರನ್ನು ಹತ್ಯೆ ಮಾಡಲಾಗಿತ್ತು. ಪ್ರಕರಣದ ಒಬ್ಬ ಆರೋಪಿಯನ್ನು ಖುಲಾಸೆಗೊಳಿಸಲಾಗಿದೆ.
ಏ.28ಕ್ಕೆ ಕೆನಡಾ ಸಂಸತ್‌ಗೆ ಅವಧಿಪೂರ್ವ ಚುನಾವಣೆ
ಒಟ್ಟಾವಾ: ಕೆನಡಾದ ಪ್ರಧಾನಿಯಾಗಿ ಜಸ್ಟಿನ್ ಟ್ರುಡೊ ಅವರ ನಂತರ ಅಧಿಕಾರ ವಹಿಸಿಕೊಂಡ ಮಾರ್ಕ್ ಕಾರ್ನಿ ಅವರು ಏಪ್ರಿಲ್ 28ರಂದು ದೇಶದಲ್ಲಿ ಅವಧಿಪೂರ್ವ ಚುನಾವಣೆ ಘೋಷಿಸಿದ್ದಾರೆ. ಅಮೆರಿಕ ಅಧ್ಯಕ್ಷ ಡೊನಾಲ್ಡ್ ಟ್ರಂಪ್ ಅವರ ಸುಂಕ ನೀತಿ ಮತ್ತು ಕೆನಡಾವನ್ನು ಅಮೆರಿಕದ 51ನೇ ರಾಜ್ಯವನ್ನಾಗಿ ಮಾಡುವ ಬೆದರಿಕೆಯ ವಿರುದ್ಧ ಹೋರಾಡಲು ಬಲವಾದ ಜನಾದೇಶ ಬೇಕು ಎಂದು ಕಾರ್ನಿ ಹೇಳಿದ್ದಾರೆ. ಗವರ್ನರ್ ಜನರಲ್ ಅವರನ್ನು ಭೇಟಿಯಾಗಿ ಸಂಸತ್ತನ್ನು ವಿಸರ್ಜಿಸುವಂತೆ ಮನವಿ ಮಾಡಿದ್ದಾರೆ.
ಅತ್ಯಾಚಾರ ಯತ್ನ: ರೈಲಿನಿಂದ ಜಿಗಿದ ಮಹಿಳೆ ಗಂಭೀರ
ಹೈದರಾಬಾದ್: 25 ವರ್ಷದ ಯುವತಿಯನ್ನು ಅತ್ಯಾಚಾರಕ್ಕೆ ಯತ್ನಿಸಿದ ಹಿನ್ನೆಲೆಯಲ್ಲಿ ಚಲಿಸುತ್ತಿದ್ದ ರೈಲಿನಿಂದ ಜಿಗಿದ 23 ವರ್ಷದ ಮಹಿಳೆಯೊಬ್ಬರು ಗಂಭೀರವಾಗಿ ಗಾಯಗೊಂಡಿದ್ದಾರೆ. ಶನಿವಾರ ರಾತ್ರಿ ಕೊಂಪಲ್ಲಿ ಬಳಿ ಈ ಘಟನೆ ನಡೆದಿದೆ. ತೀವ್ರವಾಗಿ ಗಾಯಗೊಂಡಿದ್ದ ಮಹಿಳೆಯನ್ನು ಆಸ್ಪತ್ರೆಗೆ ದಾಖಲಿಸಲಾಗಿದೆ. ರೈಲ್ವೆ ಪೊಲೀಸರು (ಜಿಆರ್‌ಪಿ) ದೂರು ದಾಖಲಿಸಿಕೊಂಡು ತನಿಖೆ ನಡೆಸುತ್ತಿದ್ದಾರೆ. ಆರೋಪಿಗಾಗಿ ಶೋಧ ಕಾರ್ಯ ಮುಂದುವರಿದಿದೆ ಎಂದು ಪೊಲೀಸರು ತಿಳಿಸಿದ್ದಾರೆ.
ನೊಬೆಲ್ ಶಾಂತಿ ಪ್ರಶಸ್ತಿ ಪಟ್ಟಿಯಲ್ಲಿರುವ ಬಲೂಚ್‌ಗೆ 'ಉಗ್ರ' ಪಟ್ಟ
ಇಸ್ಲಾಮಾಬಾದ್: ಪಾಕಿಸ್ತಾನದ ಶಹಬಾಜ್ ಷರೀಫ್ ಸರ್ಕಾರವು ಬಲೂಚಿಸ್ತಾನ್ ಮಾನವ ಹಕ್ಕುಗಳ ಕಾರ್ಯಕರ್ತೆ ಮಹ್ರಂಗ್ ಬಲೂಚ್ ಅವರನ್ನು ಬಂಧಿಸಿ, ಉಗ್ರ ಪಟ್ಟ ಕಟ್ಟಿದೆ. ನೊಬೆಲ್ ಶಾಂತಿ ಪ್ರಶಸ್ತಿಗೆ 2025ರ ನಾಮನಿರ್ದೇಶನಗೊಂಡವರ ಪಟ್ಟಿಯಲ್ಲಿ ಇವರ ಹೆಸರಿದೆ. ಬಲೂಚ್ ಯಕ್‌ಜೆಹ್ತಿ ಸಮಿತಿಯ ಮುಖ್ಯಸ್ಥೆಯಾಗಿರುವ ಮಹ್ರಂಗ್ ಬಲೂಚ್ ಅವರ ವಿರುದ್ಧ ಭಯೋತ್ಪಾದನೆ ಕಾಯ್ದೆಯಡಿ ಪ್ರಕರಣ ದಾಖಲಿಸಲಾಗಿದೆ. ಕ್ವೆಟ್ಟಾದಲ್ಲಿ ನಡೆದ ಪ್ರತಿಭಟನೆ ಸಂದರ್ಭದಲ್ಲಿ ಅವರನ್ನು ವಶಕ್ಕೆ ಪಡೆಯಲಾಗಿದೆ.
